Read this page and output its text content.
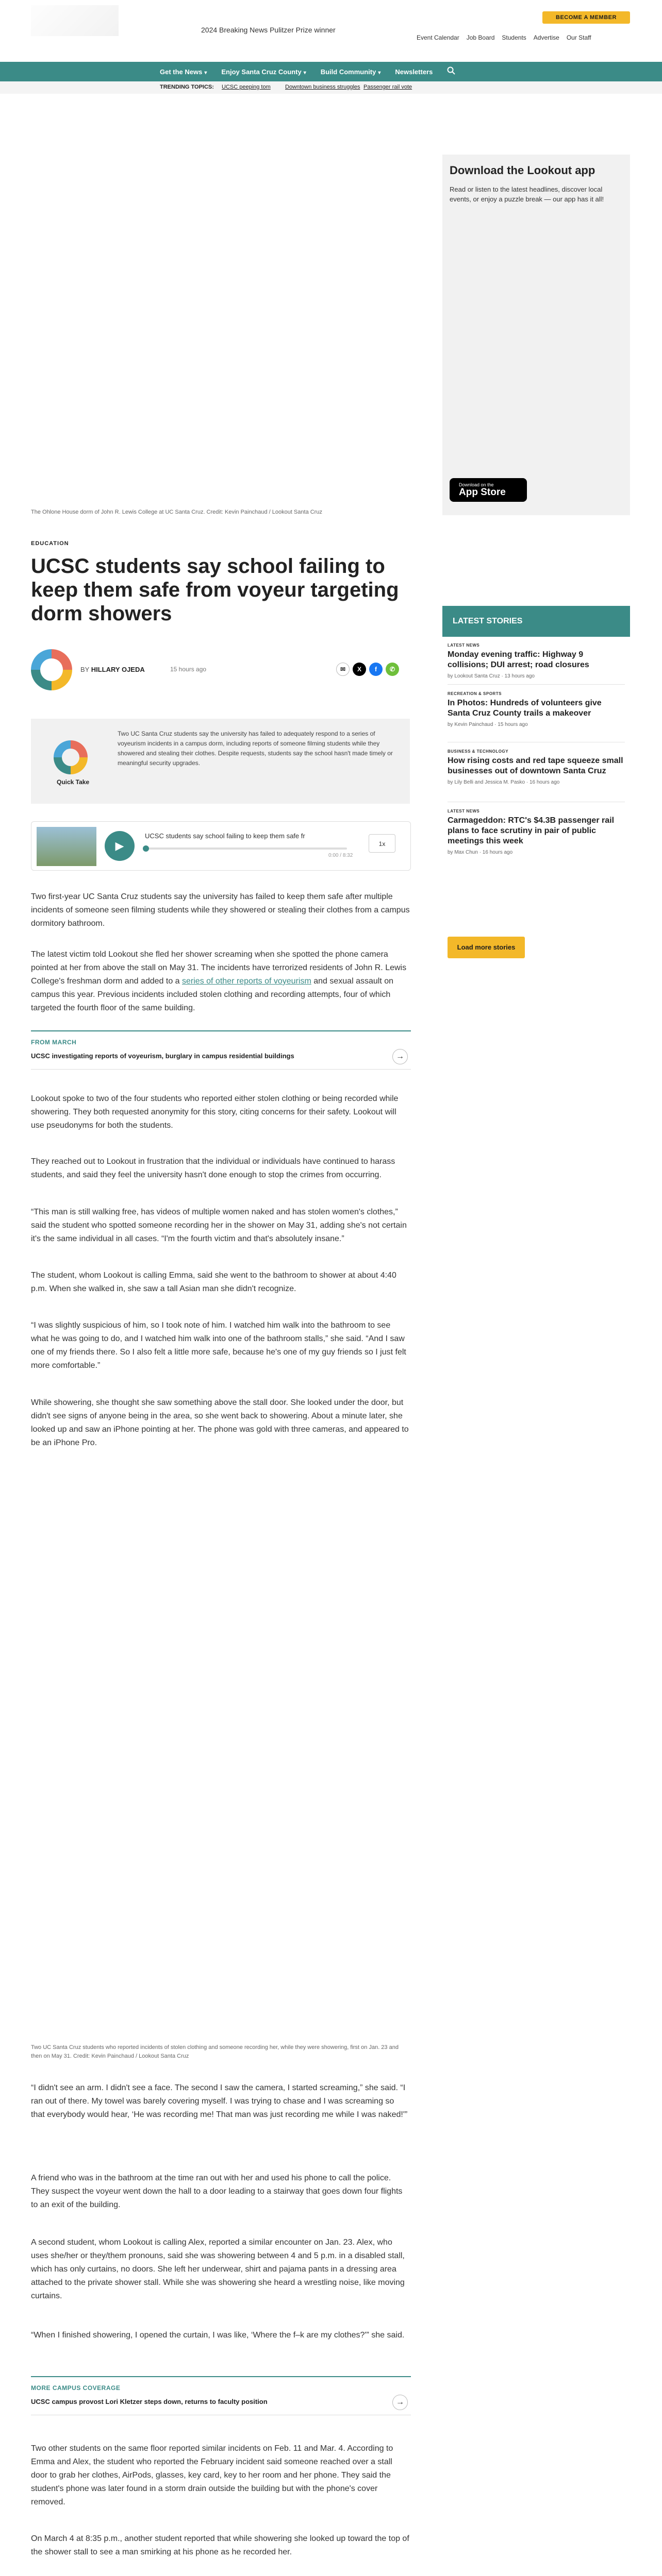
2024 Breaking News Pulitzer Prize winner
BECOME A MEMBER
Event Calendar Job Board Students Advertise Our Staff
Get the News ▾ Enjoy Santa Cruz County ▾ Build Community ▾ Newsletters
TRENDING TOPICS: UCSC peeping tom	Downtown business struggles Passenger rail vote
The Ohlone House dorm of John R. Lewis College at UC Santa Cruz. Credit: Kevin Painchaud / Lookout Santa Cruz
Download the Lookout app
Read or listen to the latest headlines, discover local events, or enjoy a puzzle break — our app has it all!
Download on the
App Store
EDUCATION
UCSC students say school failing to keep them safe from voyeur targeting dorm showers
BY HILLARY OJEDA	15 hours ago	✉	X	f	✆
Quick Take
Two UC Santa Cruz students say the university has failed to adequately respond to a series of voyeurism incidents in a campus dorm, including reports of someone filming students while they showered and stealing their clothes. Despite requests, students say the school hasn't made timely or meaningful security upgrades.
▶
UCSC students say school failing to keep them safe fr
0:00 / 8:32
1x

Two first-year UC Santa Cruz students say the university has failed to keep them safe after multiple incidents of someone seen filming students while they showered or stealing their clothes from a campus dormitory bathroom.

The latest victim told Lookout she fled her shower screaming when she spotted the phone camera pointed at her from above the stall on May 31. The incidents have terrorized residents of John R. Lewis College's freshman dorm and added to a series of other reports of voyeurism and sexual assault on campus this year. Previous incidents included stolen clothing and recording attempts, four of which targeted the fourth floor of the same building.

FROM MARCH
UCSC investigating reports of voyeurism, burglary in campus residential buildings	→

Lookout spoke to two of the four students who reported either stolen clothing or being recorded while showering. They both requested anonymity for this story, citing concerns for their safety. Lookout will use pseudonyms for both the students.

They reached out to Lookout in frustration that the individual or individuals have continued to harass students, and said they feel the university hasn't done enough to stop the crimes from occurring.

“This man is still walking free, has videos of multiple women naked and has stolen women's clothes,” said the student who spotted someone recording her in the shower on May 31, adding she's not certain it's the same individual in all cases. “I'm the fourth victim and that's absolutely insane.”

The student, whom Lookout is calling Emma, said she went to the bathroom to shower at about 4:40 p.m. When she walked in, she saw a tall Asian man she didn't recognize.

“I was slightly suspicious of him, so I took note of him. I watched him walk into the bathroom to see what he was going to do, and I watched him walk into one of the bathroom stalls,” she said. “And I saw one of my friends there. So I also felt a little more safe, because he's one of my guy friends so I just felt more comfortable.”

While showering, she thought she saw something above the stall door. She looked under the door, but didn't see signs of anyone being in the area, so she went back to showering. About a minute later, she looked up and saw an iPhone pointing at her. The phone was gold with three cameras, and appeared to be an iPhone Pro.

Two UC Santa Cruz students who reported incidents of stolen clothing and someone recording her, while they were showering, first on Jan. 23 and then on May 31. Credit: Kevin Painchaud / Lookout Santa Cruz

“I didn't see an arm. I didn't see a face. The second I saw the camera, I started screaming,” she said. “I ran out of there. My towel was barely covering myself. I was trying to chase and I was screaming so that everybody would hear, ‘He was recording me! That man was just recording me while I was naked!'”

A friend who was in the bathroom at the time ran out with her and used his phone to call the police. They suspect the voyeur went down the hall to a door leading to a stairway that goes down four flights to an exit of the building.

A second student, whom Lookout is calling Alex, reported a similar encounter on Jan. 23. Alex, who uses she/her or they/them pronouns, said she was showering between 4 and 5 p.m. in a disabled stall, which has only curtains, no doors. She left her underwear, shirt and pajama pants in a dressing area attached to the private shower stall. While she was showering she heard a wrestling noise, like moving curtains.

“When I finished showering, I opened the curtain, I was like, ‘Where the f–k are my clothes?'” she said.

MORE CAMPUS COVERAGE
UCSC campus provost Lori Kletzer steps down, returns to faculty position	→

Two other students on the same floor reported similar incidents on Feb. 11 and Mar. 4. According to Emma and Alex, the student who reported the February incident said someone reached over a stall door to grab her clothes, AirPods, glasses, key card, key to her room and her phone. They said the student's phone was later found in a storm drain outside the building but with the phone's cover removed.

On March 4 at 8:35 p.m., another student reported that while showering she looked up toward the top of the shower stall to see a man smirking at his phone as he recorded her.

LATEST STORIES
LATEST NEWS
Monday evening traffic: Highway 9 collisions; DUI arrest; road closures
by Lookout Santa Cruz · 13 hours ago
RECREATION & SPORTS
In Photos: Hundreds of volunteers give Santa Cruz County trails a makeover
by Kevin Painchaud · 15 hours ago
BUSINESS & TECHNOLOGY
How rising costs and red tape squeeze small businesses out of downtown Santa Cruz
by Lily Belli and Jessica M. Pasko · 16 hours ago
LATEST NEWS
Carmageddon: RTC's $4.3B passenger rail plans to face scrutiny in pair of public meetings this week
by Max Chun · 16 hours ago
Load more stories
